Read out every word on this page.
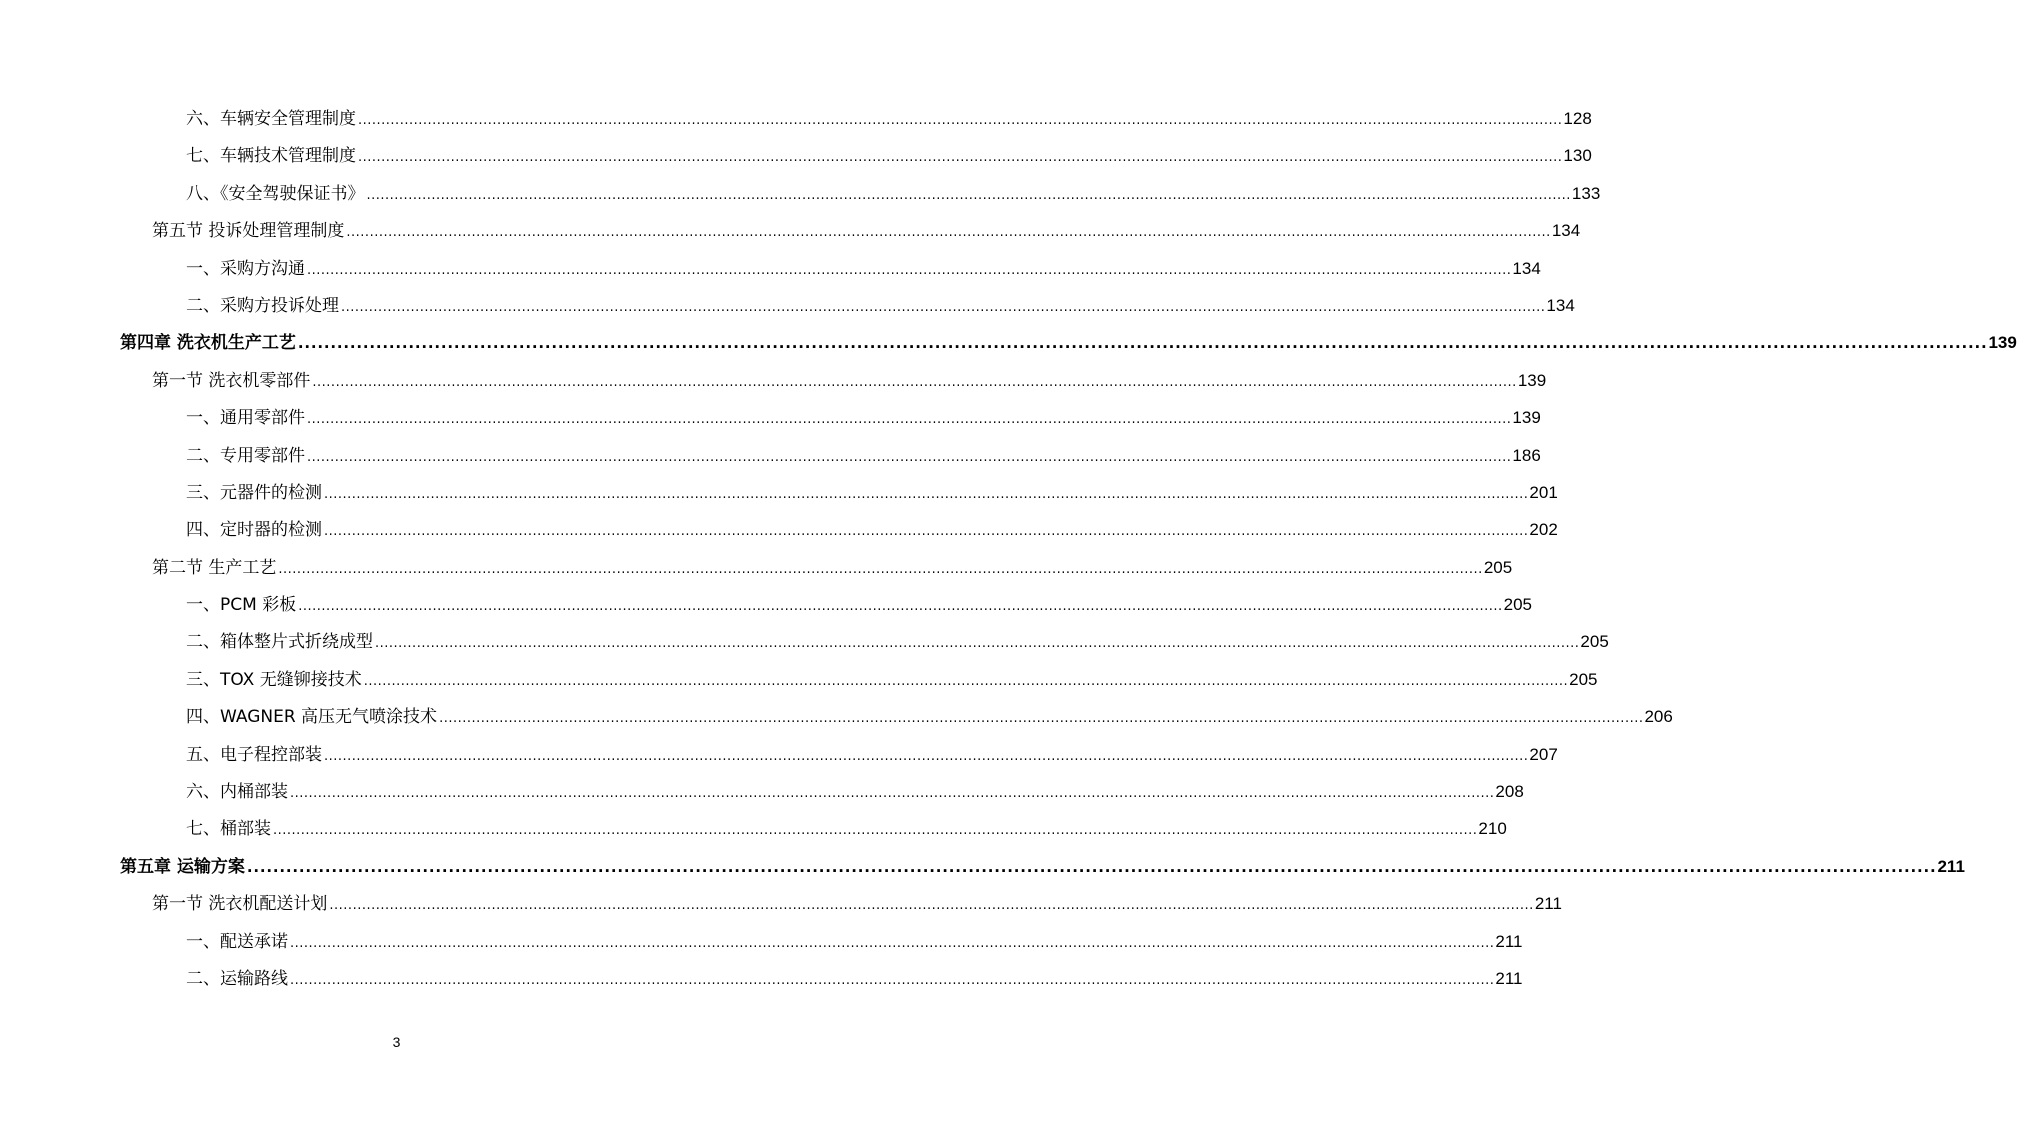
六、车辆安全管理制度 .................................................................................................................................................................................................................................................................... 128
七、车辆技术管理制度 .................................................................................................................................................................................................................................................................... 130
八、《安全驾驶保证书》 .................................................................................................................................................................................................................................................................... 133
第五节 投诉处理管理制度 .................................................................................................................................................................................................................................................................... 134
一、采购方沟通 .................................................................................................................................................................................................................................................................... 134
二、采购方投诉处理 .................................................................................................................................................................................................................................................................... 134
第四章 洗衣机生产工艺 .................................................................................................................................................................................................................................................................... 139
第一节 洗衣机零部件 .................................................................................................................................................................................................................................................................... 139
一、通用零部件 .................................................................................................................................................................................................................................................................... 139
二、专用零部件 .................................................................................................................................................................................................................................................................... 186
三、元器件的检测 .................................................................................................................................................................................................................................................................... 201
四、定时器的检测 .................................................................................................................................................................................................................................................................... 202
第二节 生产工艺 .................................................................................................................................................................................................................................................................... 205
一、PCM 彩板 .................................................................................................................................................................................................................................................................... 205
二、箱体整片式折绕成型 .................................................................................................................................................................................................................................................................... 205
三、TOX 无缝铆接技术 .................................................................................................................................................................................................................................................................... 205
四、WAGNER 高压无气喷涂技术 .................................................................................................................................................................................................................................................................... 206
五、电子程控部装 .................................................................................................................................................................................................................................................................... 207
六、内桶部装 .................................................................................................................................................................................................................................................................... 208
七、桶部装 .................................................................................................................................................................................................................................................................... 210
第五章 运输方案 .................................................................................................................................................................................................................................................................... 211
第一节 洗衣机配送计划 .................................................................................................................................................................................................................................................................... 211
一、配送承诺 .................................................................................................................................................................................................................................................................... 211
二、运输路线 .................................................................................................................................................................................................................................................................... 211
3
